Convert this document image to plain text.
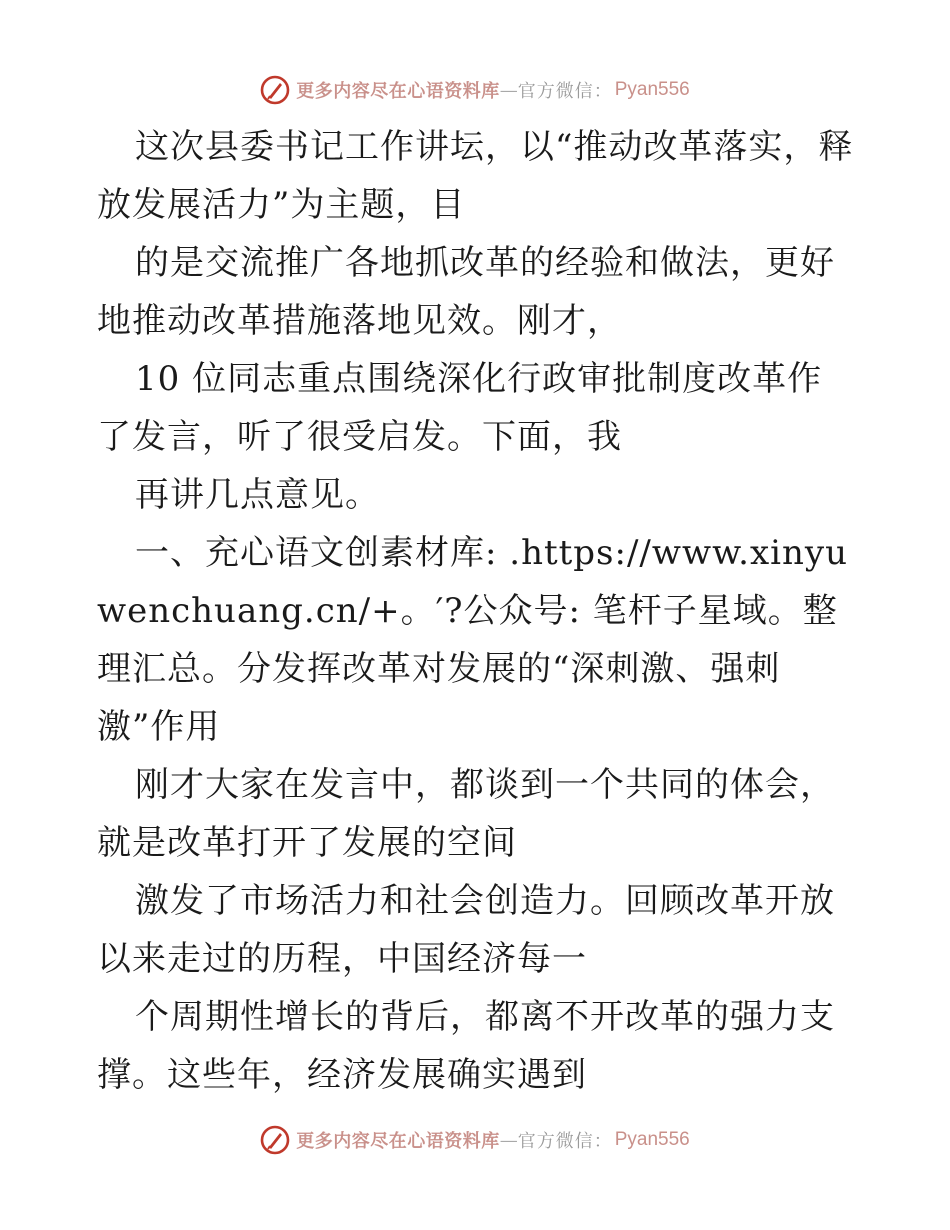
更多内容尽在心语资料库 — 官方微信： Pyan556

这次县委书记工作讲坛，以“推动改革落实，释放发展活力”为主题，目

的是交流推广各地抓改革的经验和做法，更好地推动改革措施落地见效。刚才，

10 位同志重点围绕深化行政审批制度改革作了发言，听了很受启发。下面，我

再讲几点意见。

一、充心语文创素材库: .https://www.xinyuwenchuang.cn/+。′?公众号: 笔杆子星域。整理汇总。分发挥改革对发展的“深刺激、强刺激”作用

刚才大家在发言中，都谈到一个共同的体会，就是改革打开了发展的空间

激发了市场活力和社会创造力。回顾改革开放以来走过的历程，中国经济每一

个周期性增长的背后，都离不开改革的强力支撑。这些年，经济发展确实遇到

更多内容尽在心语资料库 — 官方微信： Pyan556
